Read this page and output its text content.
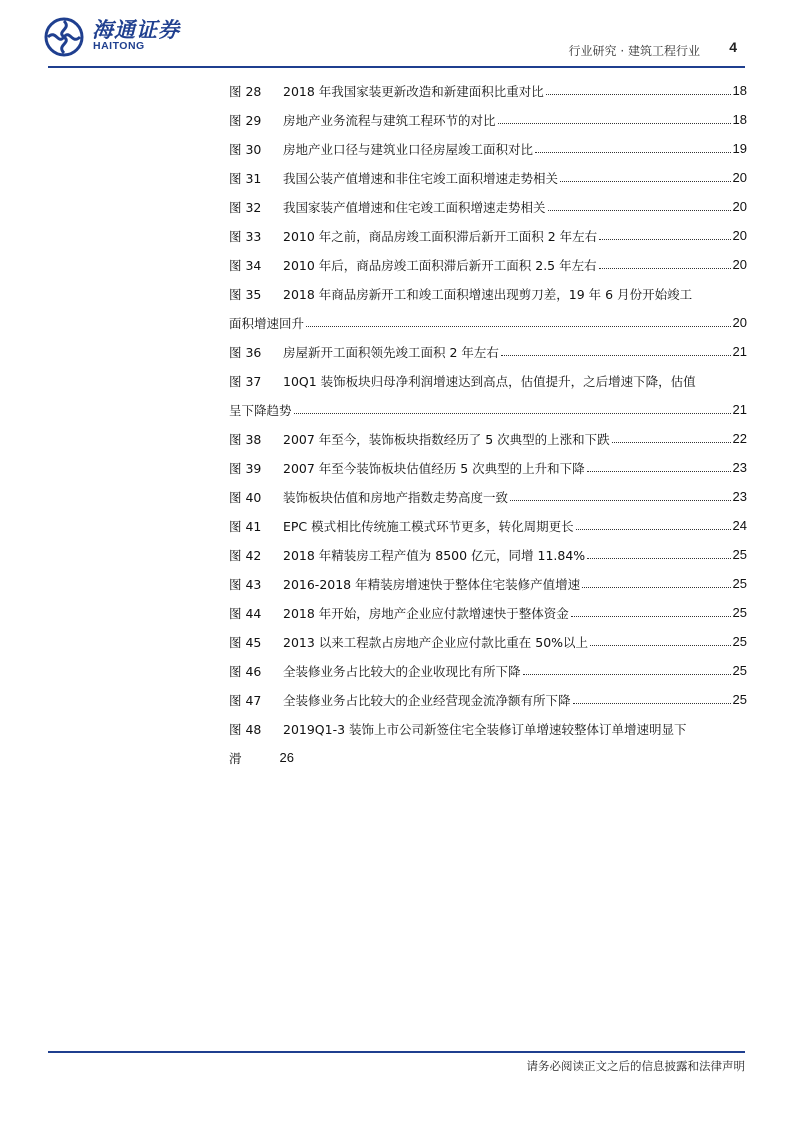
海通证券
HAITONG	行业研究 · 建筑工程行业 4
图 28	2018 年我国家装更新改造和新建面积比重对比	18
图 29	房地产业务流程与建筑工程环节的对比	18
图 30	房地产业口径与建筑业口径房屋竣工面积对比	19
图 31	我国公装产值增速和非住宅竣工面积增速走势相关	20
图 32	我国家装产值增速和住宅竣工面积增速走势相关	20
图 33	2010 年之前，商品房竣工面积滞后新开工面积 2 年左右	20
图 34	2010 年后，商品房竣工面积滞后新开工面积 2.5 年左右	20
图 35	2018 年商品房新开工和竣工面积增速出现剪刀差，19 年 6 月份开始竣工
面积增速回升	20
图 36	房屋新开工面积领先竣工面积 2 年左右	21
图 37	10Q1 装饰板块归母净利润增速达到高点，估值提升，之后增速下降，估值
呈下降趋势	21
图 38	2007 年至今，装饰板块指数经历了 5 次典型的上涨和下跌	22
图 39	2007 年至今装饰板块估值经历 5 次典型的上升和下降	23
图 40	装饰板块估值和房地产指数走势高度一致	23
图 41	EPC 模式相比传统施工模式环节更多，转化周期更长	24
图 42	2018 年精装房工程产值为 8500 亿元，同增 11.84%	25
图 43	2016-2018 年精装房增速快于整体住宅装修产值增速	25
图 44	2018 年开始，房地产企业应付款增速快于整体资金	25
图 45	2013 以来工程款占房地产企业应付款比重在 50%以上	25
图 46	全装修业务占比较大的企业收现比有所下降	25
图 47	全装修业务占比较大的企业经营现金流净额有所下降	25
图 48	2019Q1-3 装饰上市公司新签住宅全装修订单增速较整体订单增速明显下
滑	26
请务必阅读正文之后的信息披露和法律声明
